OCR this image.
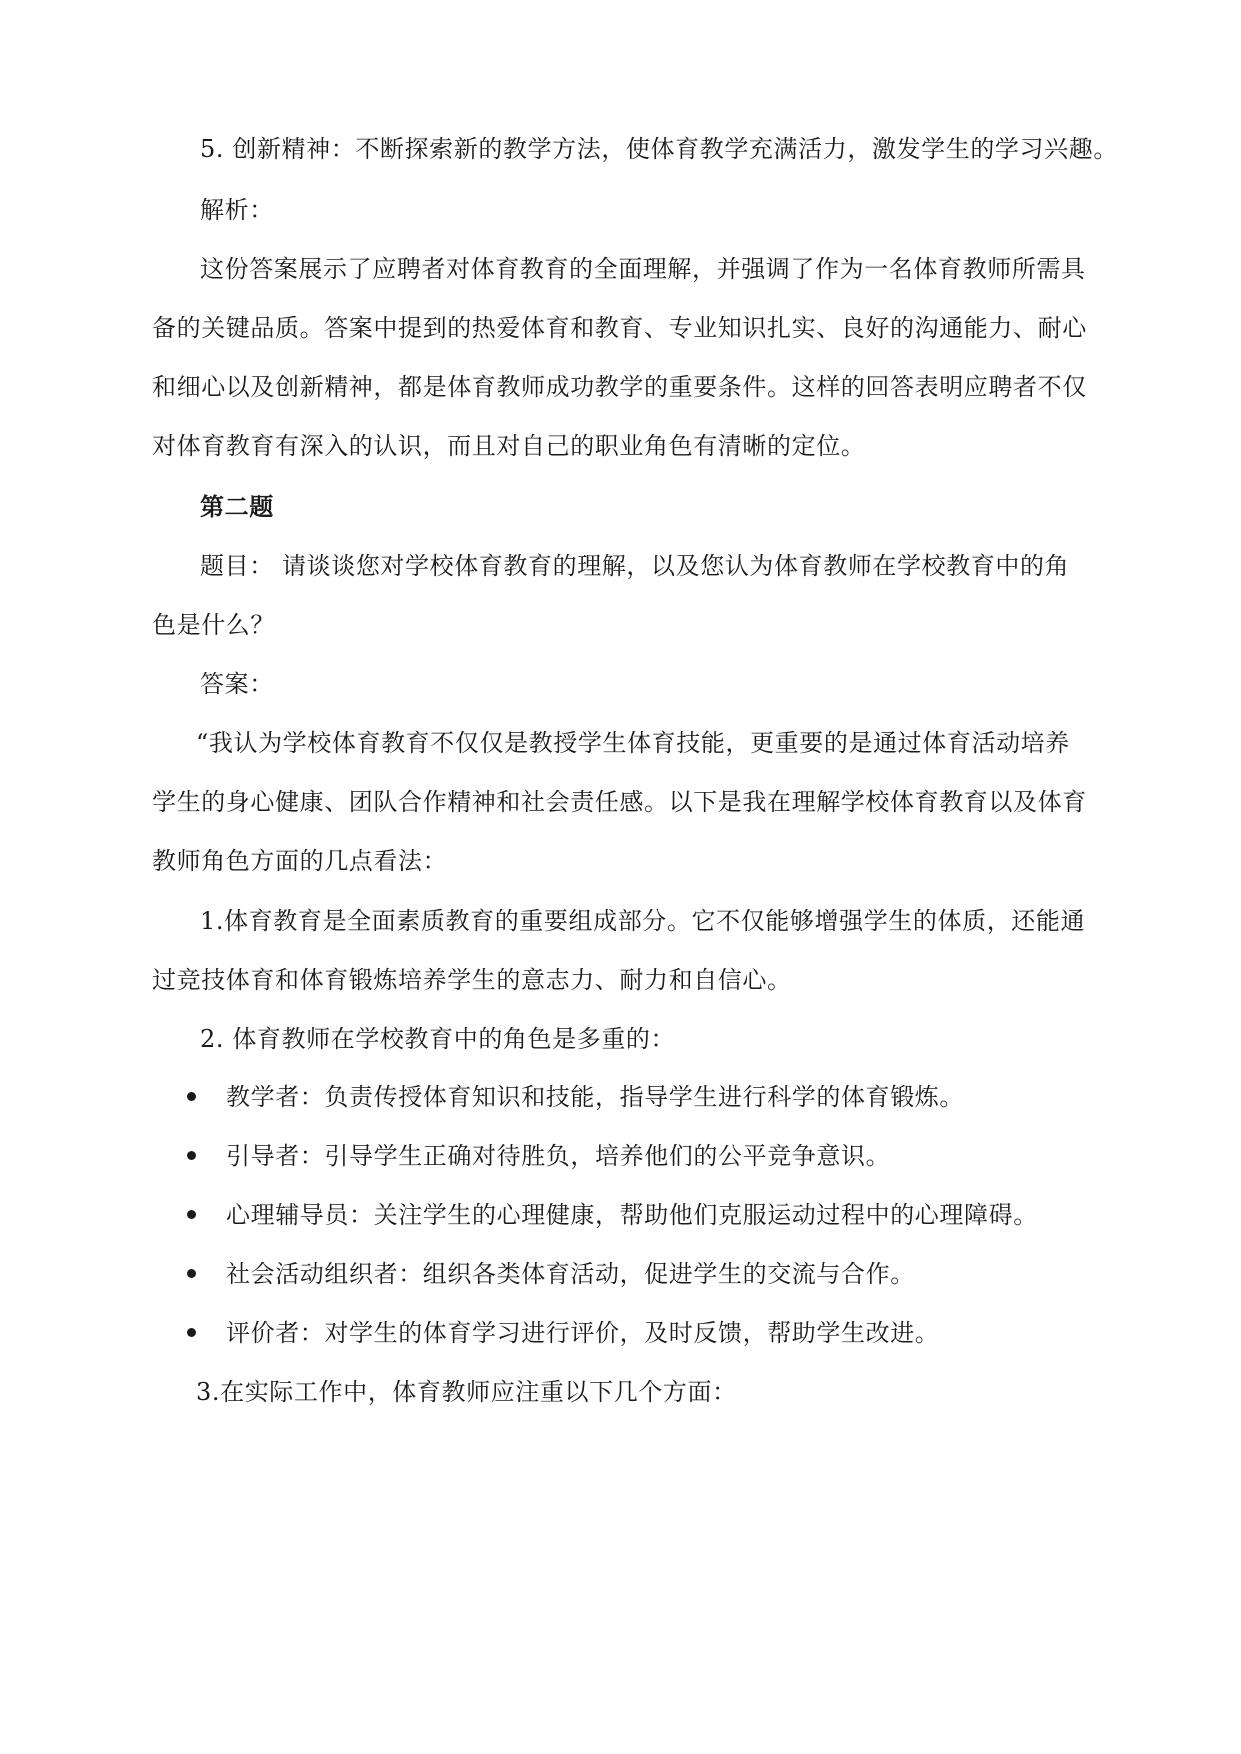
5. 创新精神：不断探索新的教学方法，使体育教学充满活力，激发学生的学习兴趣。
解析：
这份答案展示了应聘者对体育教育的全面理解，并强调了作为一名体育教师所需具
备的关键品质。答案中提到的热爱体育和教育、专业知识扎实、良好的沟通能力、耐心
和细心以及创新精神，都是体育教师成功教学的重要条件。这样的回答表明应聘者不仅
对体育教育有深入的认识，而且对自己的职业角色有清晰的定位。
第二题
题目： 请谈谈您对学校体育教育的理解，以及您认为体育教师在学校教育中的角
色是什么？
答案：
“我认为学校体育教育不仅仅是教授学生体育技能，更重要的是通过体育活动培养
学生的身心健康、团队合作精神和社会责任感。以下是我在理解学校体育教育以及体育
教师角色方面的几点看法：
1.体育教育是全面素质教育的重要组成部分。它不仅能够增强学生的体质，还能通
过竞技体育和体育锻炼培养学生的意志力、耐力和自信心。
2. 体育教师在学校教育中的角色是多重的：
教学者：负责传授体育知识和技能，指导学生进行科学的体育锻炼。
引导者：引导学生正确对待胜负，培养他们的公平竞争意识。
心理辅导员：关注学生的心理健康，帮助他们克服运动过程中的心理障碍。
社会活动组织者：组织各类体育活动，促进学生的交流与合作。
评价者：对学生的体育学习进行评价，及时反馈，帮助学生改进。
3.在实际工作中，体育教师应注重以下几个方面：
